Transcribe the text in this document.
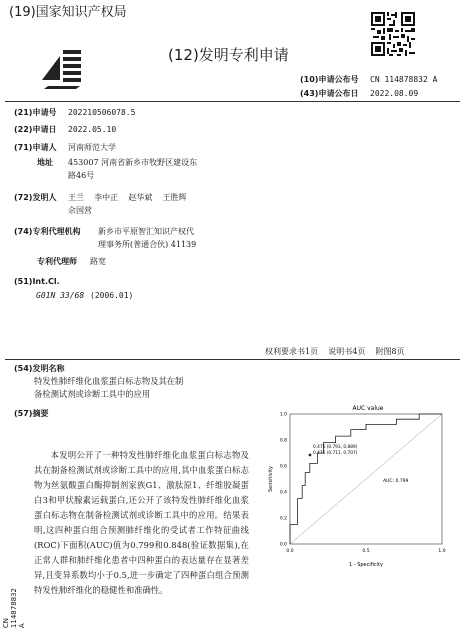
(19)国家知识产权局
(12)发明专利申请
(10)申请公布号 CN 114878832 A
(43)申请公布日 2022.08.09
(21)申请号 202210506078.5
(22)申请日 2022.05.10
(71)申请人 河南师范大学
地址 453007 河南省新乡市牧野区建设东
路46号
(72)发明人 王兰    李中正    赵华斌    王胜辉
佘国营
(74)专利代理机构 新乡市平原智汇知识产权代
理事务所(普通合伙) 41139
专利代理师 路宽
(51)Int.Cl.
G01N 33/68 (2006.01)
权利要求书1页    说明书4页    附图8页
(54)发明名称
特发性肺纤维化血浆蛋白标志物及其在制
备检测试剂或诊断工具中的应用
(57)摘要
本发明公开了一种特发性肺纤维化血浆蛋白标志物及其在制备检测试剂或诊断工具中的应用,其中血浆蛋白标志物为丝氨酸蛋白酶抑制剂家族G1、激肽原1、纤维胶凝蛋白3和甲状腺素运载蛋白,还公开了该特发性肺纤维化血浆蛋白标志物在制备检测试剂或诊断工具中的应用。结果表明,这四种蛋白组合预测肺纤维化的受试者工作特征曲线(ROC)下面积(AUC)值为0.799和0.848(验证数据集),在正常人群和肺纤维化患者中四种蛋白的表达量存在显著差异,且变异系数均小于0.5,进一步确定了四种蛋白组合预测特发性肺纤维化的稳健性和准确性。
AUC value
0.0
0.2
0.4
0.6
0.8
1.0
0.0	0.5	1.0
Sensitivity
1 - Specificity
0.476 (0.793, 0.889)
0.476 (0.711, 0.707)
AUC: 0.799
CN 114878832 A
